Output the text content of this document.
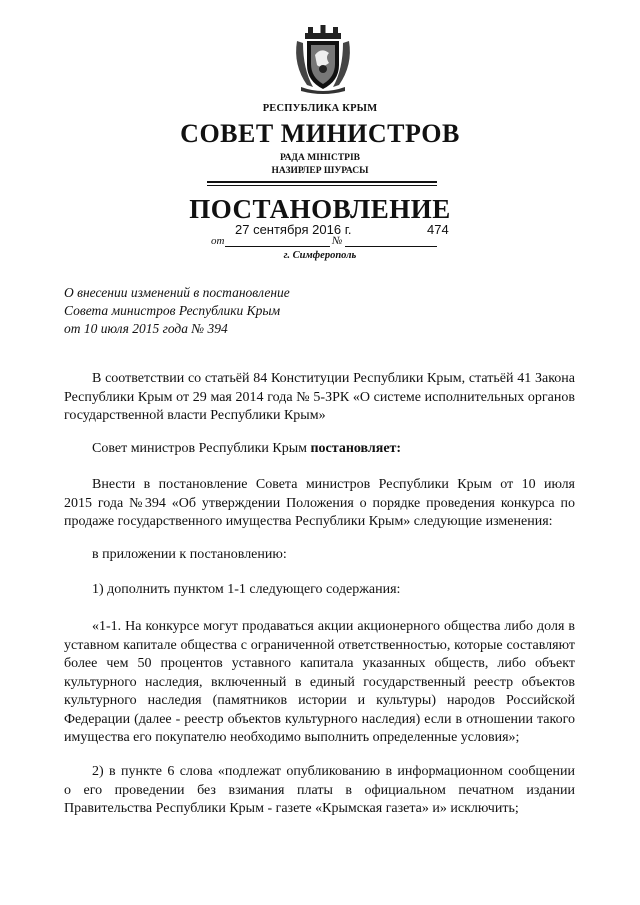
РЕСПУБЛИКА КРЫМ
СОВЕТ МИНИСТРОВ
РАДА МІНІСТРІВ
НАЗИРЛЕР ШУРАСЫ
ПОСТАНОВЛЕНИЕ
от
27 сентября 2016 г.
№
474
г. Симферополь
О внесении изменений в постановление
Совета министров Республики Крым
от 10 июля 2015 года № 394
В соответствии со статьёй 84 Конституции Республики Крым, статьёй 41 Закона
Республики Крым от 29 мая 2014 года № 5-ЗРК «О системе исполнительных органов
государственной власти Республики Крым»
Совет министров Республики Крым постановляет:
Внести в постановление Совета министров Республики Крым от 10 июля
2015 года №394 «Об утверждении Положения о порядке проведения конкурса по
продаже государственного имущества Республики Крым» следующие изменения:
в приложении к постановлению:
1) дополнить пунктом 1-1 следующего содержания:
«1-1. На конкурсе могут продаваться акции акционерного общества либо доля в
уставном капитале общества с ограниченной ответственностью, которые составляют
более чем 50 процентов уставного капитала указанных обществ, либо объект
культурного наследия, включенный в единый государственный реестр объектов
культурного наследия (памятников истории и культуры) народов Российской
Федерации (далее - реестр объектов культурного наследия) если в отношении такого
имущества его покупателю необходимо выполнить определенные условия»;
2) в пункте 6 слова «подлежат опубликованию в информационном сообщении
о его проведении без взимания платы в официальном печатном издании
Правительства Республики Крым - газете «Крымская газета» и» исключить;
